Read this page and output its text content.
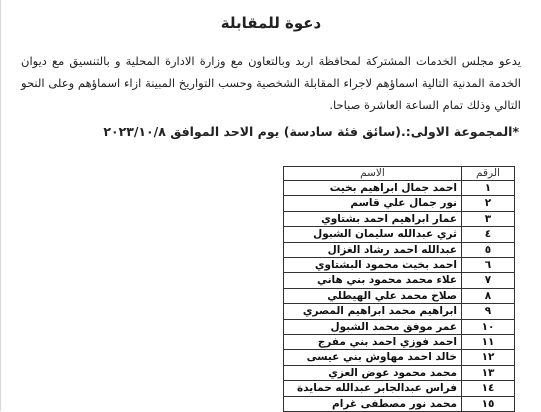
دعوة للمقابلة
يدعو مجلس الخدمات المشتركة لمحافظة اربد وبالتعاون مع وزارة الادارة المحلية و بالتنسيق مع ديوان الخدمة المدنية التالية اسماؤهم لاجراء المقابلة الشخصية وحسب التواريخ المبينة ازاء اسماؤهم وعلى النحو التالي وذلك تمام الساعة العاشرة صباحا.
*المجموعة الاولى:.(سائق فئة سادسة) يوم الاحد الموافق ٢٠٢٣/١٠/٨
الرقم	الاسم
١	احمد جمال ابراهيم بخيت
٢	نور جمال علي قاسم
٣	عمار ابراهيم احمد بشتاوي
٤	ثري عبدالله سليمان الشبول
٥	عبدالله احمد رشاد الغزال
٦	احمد بخيت محمود البشتاوي
٧	علاء محمد محمود بني هاني
٨	صلاح محمد علي الهيطلي
٩	ابراهيم محمد ابراهيم المصري
١٠	عمر موفق محمد الشبول
١١	احمد فوزي احمد بني مفرج
١٢	خالد احمد مهاوش بني عيسى
١٣	محمد محمود عوض العزي
١٤	فراس عبدالجابر عبدالله حمايدة
١٥	محمد نور مصطفى غرام
